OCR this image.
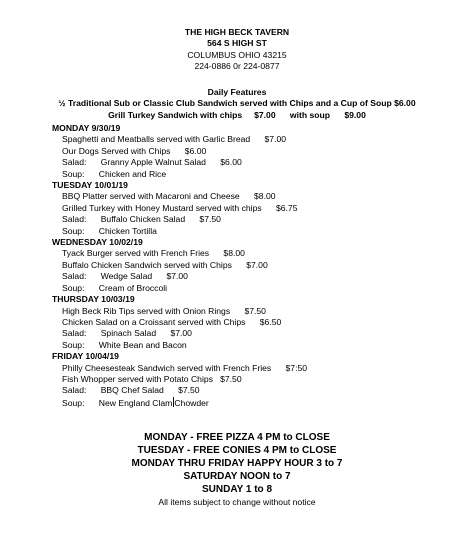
THE HIGH BECK TAVERN
564 S HIGH ST
COLUMBUS OHIO 43215
224-0886 0r 224-0877
Daily Features
½ Traditional Sub or Classic Club Sandwich served with Chips and a Cup of Soup $6.00
Grill Turkey Sandwich with chips     $7.00      with soup      $9.00
MONDAY 9/30/19
Spaghetti and Meatballs served with Garlic Bread      $7.00
Our Dogs Served with Chips      $6.00
Salad:      Granny Apple Walnut Salad      $6.00
Soup:      Chicken and Rice
TUESDAY 10/01/19
BBQ Platter served with Macaroni and Cheese      $8.00
Grilled Turkey with Honey Mustard served with chips      $6.75
Salad:      Buffalo Chicken Salad      $7.50
Soup:      Chicken Tortilla
WEDNESDAY 10/02/19
Tyack Burger served with French Fries      $8.00
Buffalo Chicken Sandwich served with Chips      $7.00
Salad:      Wedge Salad      $7.00
Soup:      Cream of Broccoli
THURSDAY 10/03/19
High Beck Rib Tips served with Onion Rings      $7.50
Chicken Salad on a Croissant served with Chips      $6.50
Salad:      Spinach Salad      $7.00
Soup:      White Bean and Bacon
FRIDAY 10/04/19
Philly Cheesesteak Sandwich served with French Fries      $7:50
Fish Whopper served with Potato Chips   $7.50
Salad:      BBQ Chef Salad      $7.50
Soup:      New England Clam Chowder
MONDAY - FREE PIZZA 4 PM to CLOSE
TUESDAY - FREE CONIES 4 PM to CLOSE
MONDAY THRU FRIDAY HAPPY HOUR 3 to 7
SATURDAY NOON to 7
SUNDAY 1 to 8
All items subject to change without notice
